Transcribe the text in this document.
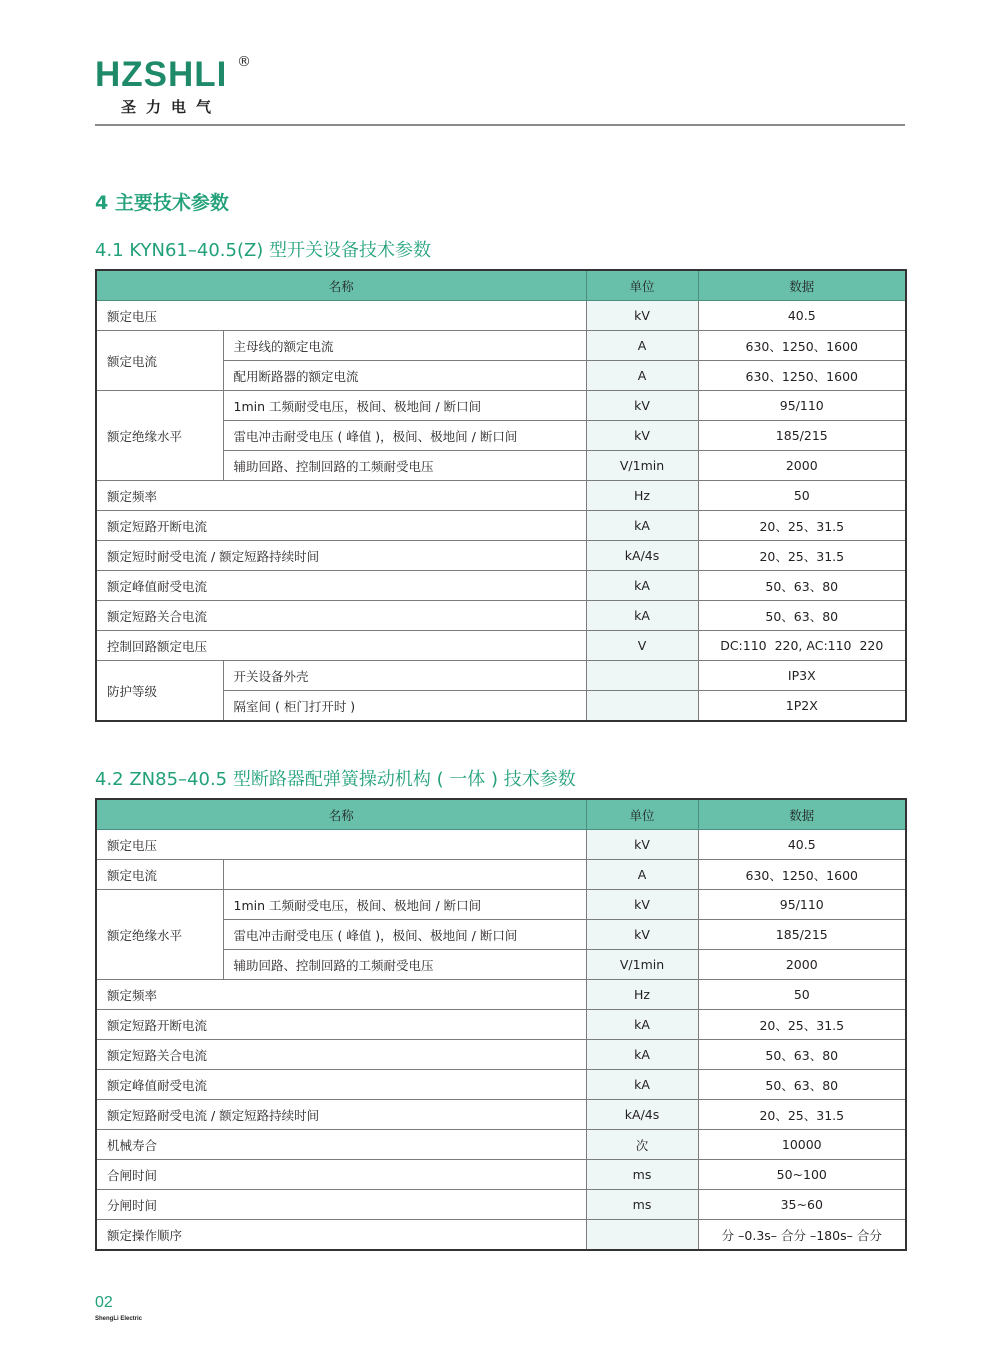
HZSHLI ®
圣力电气
4 主要技术参数
4.1 KYN61–40.5(Z) 型开关设备技术参数
名称		单位	数据
额定电压		kV	40.5
额定电流	主母线的额定电流	A	630、1250、1600
	配用断路器的额定电流	A	630、1250、1600
额定绝缘水平	1min 工频耐受电压，极间、极地间 / 断口间	kV	95/110
	雷电冲击耐受电压 ( 峰值 )，极间、极地间 / 断口间	kV	185/215
	辅助回路、控制回路的工频耐受电压	V/1min	2000
额定频率		Hz	50
额定短路开断电流		kA	20、25、31.5
额定短时耐受电流 / 额定短路持续时间		kA/4s	20、25、31.5
额定峰值耐受电流		kA	50、63、80
额定短路关合电流		kA	50、63、80
控制回路额定电压		V	DC:110  220, AC:110  220
防护等级	开关设备外壳		IP3X
	隔室间 ( 柜门打开时 )		1P2X
4.2 ZN85–40.5 型断路器配弹簧操动机构 ( 一体 ) 技术参数
名称		单位	数据
额定电压		kV	40.5
额定电流		A	630、1250、1600
额定绝缘水平	1min 工频耐受电压，极间、极地间 / 断口间	kV	95/110
	雷电冲击耐受电压 ( 峰值 )，极间、极地间 / 断口间	kV	185/215
	辅助回路、控制回路的工频耐受电压	V/1min	2000
额定频率		Hz	50
额定短路开断电流		kA	20、25、31.5
额定短路关合电流		kA	50、63、80
额定峰值耐受电流		kA	50、63、80
额定短路耐受电流 / 额定短路持续时间		kA/4s	20、25、31.5
机械寿合		次	10000
合闸时间		ms	50~100
分闸时间		ms	35~60
额定操作顺序			分 –0.3s– 合分 –180s– 合分
02
ShengLi Electric
